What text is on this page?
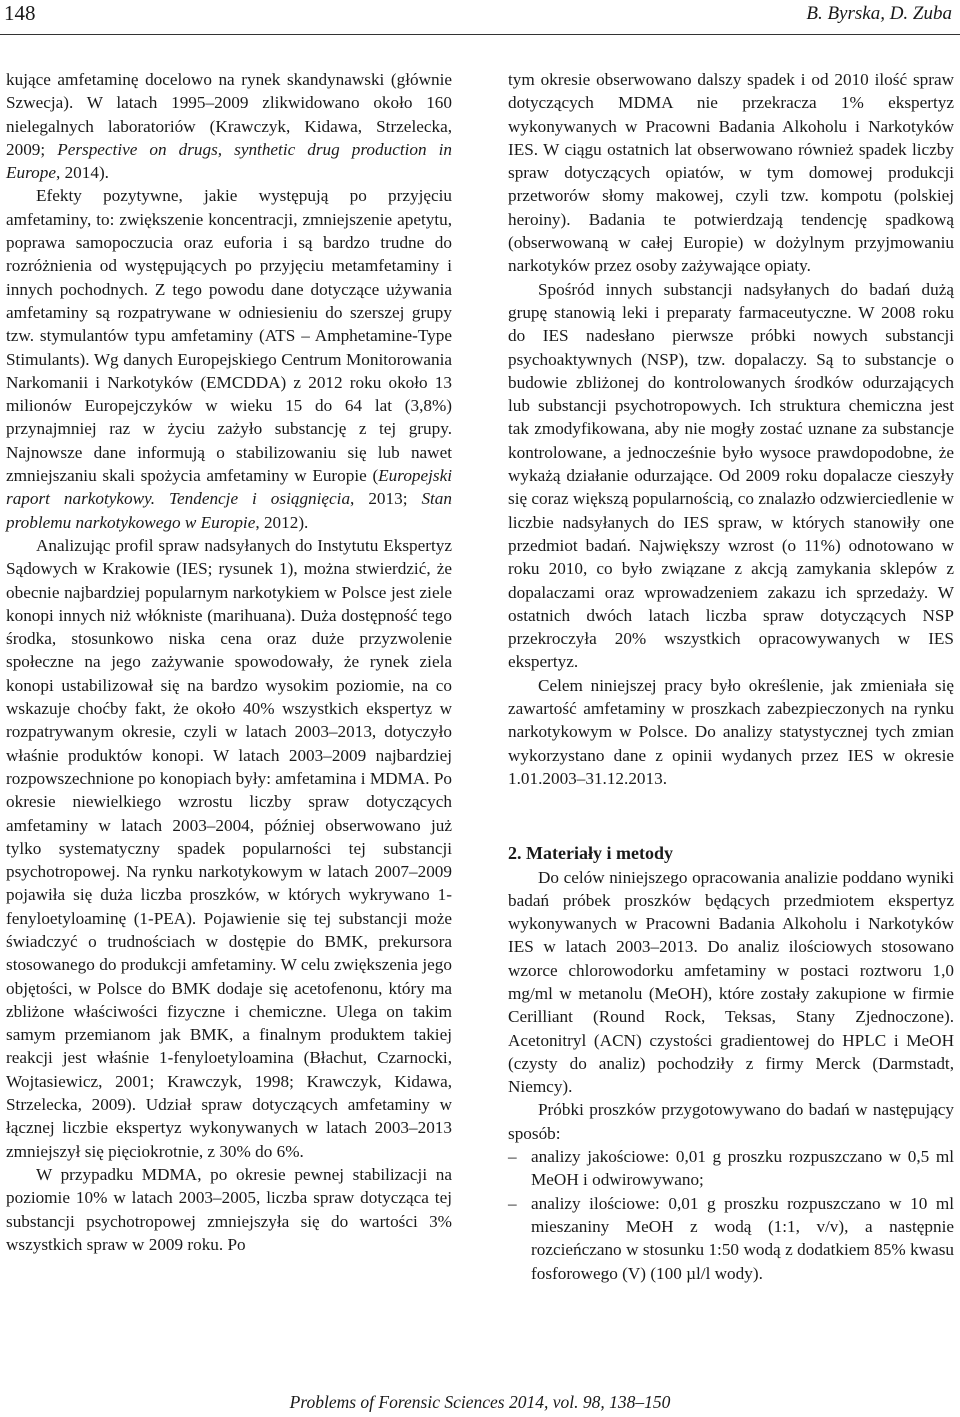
148	B. Byrska, D. Zuba

kujące amfetaminę docelowo na rynek skandynawski (głównie Szwecja). W latach 1995–2009 zlikwidowano około 160 nielegalnych laboratoriów (Krawczyk, Kidawa, Strzelecka, 2009; Perspective on drugs, synthetic drug production in Europe, 2014).

Efekty pozytywne, jakie występują po przyjęciu amfetaminy, to: zwiększenie koncentracji, zmniejszenie apetytu, poprawa samopoczucia oraz euforia i są bardzo trudne do rozróżnienia od występujących po przyjęciu metamfetaminy i innych pochodnych. Z tego powodu dane dotyczące używania amfetaminy są rozpatrywane w odniesieniu do szerszej grupy tzw. stymulantów typu amfetaminy (ATS – Amphetamine-Type Stimulants). Wg danych Europejskiego Centrum Monitorowania Narkomanii i Narkotyków (EMCDDA) z 2012 roku około 13 milionów Europejczyków w wieku 15 do 64 lat (3,8%) przynajmniej raz w życiu zażyło substancję z tej grupy. Najnowsze dane informują o stabilizowaniu się lub nawet zmniejszaniu skali spożycia amfetaminy w Europie (Europejski raport narkotykowy. Tendencje i osiągnięcia, 2013; Stan problemu narkotykowego w Europie, 2012).

Analizując profil spraw nadsyłanych do Instytutu Ekspertyz Sądowych w Krakowie (IES; rysunek 1), można stwierdzić, że obecnie najbardziej popularnym narkotykiem w Polsce jest ziele konopi innych niż włókniste (marihuana). Duża dostępność tego środka, stosunkowo niska cena oraz duże przyzwolenie społeczne na jego zażywanie spowodowały, że rynek ziela konopi ustabilizował się na bardzo wysokim poziomie, na co wskazuje choćby fakt, że około 40% wszystkich ekspertyz w rozpatrywanym okresie, czyli w latach 2003–2013, dotyczyło właśnie produktów konopi. W latach 2003–2009 najbardziej rozpowszechnione po konopiach były: amfetamina i MDMA. Po okresie niewielkiego wzrostu liczby spraw dotyczących amfetaminy w latach 2003–2004, później obserwowano już tylko systematyczny spadek popularności tej substancji psychotropowej. Na rynku narkotykowym w latach 2007–2009 pojawiła się duża liczba proszków, w których wykrywano 1-fenyloetyloaminę (1-PEA). Pojawienie się tej substancji może świadczyć o trudnościach w dostępie do BMK, prekursora stosowanego do produkcji amfetaminy. W celu zwiększenia jego objętości, w Polsce do BMK dodaje się acetofenonu, który ma zbliżone właściwości fizyczne i chemiczne. Ulega on takim samym przemianom jak BMK, a finalnym produktem takiej reakcji jest właśnie 1-fenyloetyloamina (Błachut, Czarnocki, Wojtasiewicz, 2001; Krawczyk, 1998; Krawczyk, Kidawa, Strzelecka, 2009). Udział spraw dotyczących amfetaminy w łącznej liczbie ekspertyz wykonywanych w latach 2003–2013 zmniejszył się pięciokrotnie, z 30% do 6%.

W przypadku MDMA, po okresie pewnej stabilizacji na poziomie 10% w latach 2003–2005, liczba spraw dotycząca tej substancji psychotropowej zmniejszyła się do wartości 3% wszystkich spraw w 2009 roku. Po

tym okresie obserwowano dalszy spadek i od 2010 ilość spraw dotyczących MDMA nie przekracza 1% ekspertyz wykonywanych w Pracowni Badania Alkoholu i Narkotyków IES. W ciągu ostatnich lat obserwowano również spadek liczby spraw dotyczących opiatów, w tym domowej produkcji przetworów słomy makowej, czyli tzw. kompotu (polskiej heroiny). Badania te potwierdzają tendencję spadkową (obserwowaną w całej Europie) w dożylnym przyjmowaniu narkotyków przez osoby zażywające opiaty.

Spośród innych substancji nadsyłanych do badań dużą grupę stanowią leki i preparaty farmaceutyczne. W 2008 roku do IES nadesłano pierwsze próbki nowych substancji psychoaktywnych (NSP), tzw. dopalaczy. Są to substancje o budowie zbliżonej do kontrolowanych środków odurzających lub substancji psychotropowych. Ich struktura chemiczna jest tak zmodyfikowana, aby nie mogły zostać uznane za substancje kontrolowane, a jednocześnie było wysoce prawdopodobne, że wykażą działanie odurzające. Od 2009 roku dopalacze cieszyły się coraz większą popularnością, co znalazło odzwierciedlenie w liczbie nadsyłanych do IES spraw, w których stanowiły one przedmiot badań. Największy wzrost (o 11%) odnotowano w roku 2010, co było związane z akcją zamykania sklepów z dopalaczami oraz wprowadzeniem zakazu ich sprzedaży. W ostatnich dwóch latach liczba spraw dotyczących NSP przekroczyła 20% wszystkich opracowywanych w IES ekspertyz.

Celem niniejszej pracy było określenie, jak zmieniała się zawartość amfetaminy w proszkach zabezpieczonych na rynku narkotykowym w Polsce. Do analizy statystycznej tych zmian wykorzystano dane z opinii wydanych przez IES w okresie 1.01.2003–31.12.2013.

2. Materiały i metody

Do celów niniejszego opracowania analizie poddano wyniki badań próbek proszków będących przedmiotem ekspertyz wykonywanych w Pracowni Badania Alkoholu i Narkotyków IES w latach 2003–2013. Do analiz ilościowych stosowano wzorce chlorowodorku amfetaminy w postaci roztworu 1,0 mg/ml w metanolu (MeOH), które zostały zakupione w firmie Cerilliant (Round Rock, Teksas, Stany Zjednoczone). Acetonitryl (ACN) czystości gradientowej do HPLC i MeOH (czysty do analiz) pochodziły z firmy Merck (Darmstadt, Niemcy).

Próbki proszków przygotowywano do badań w następujący sposób:

– analizy jakościowe: 0,01 g proszku rozpuszczano w 0,5 ml MeOH i odwirowywano;
– analizy ilościowe: 0,01 g proszku rozpuszczano w 10 ml mieszaniny MeOH z wodą (1:1, v/v), a następnie rozcieńczano w stosunku 1:50 wodą z dodatkiem 85% kwasu fosforowego (V) (100 µl/l wody).
Problems of Forensic Sciences 2014, vol. 98, 138–150
